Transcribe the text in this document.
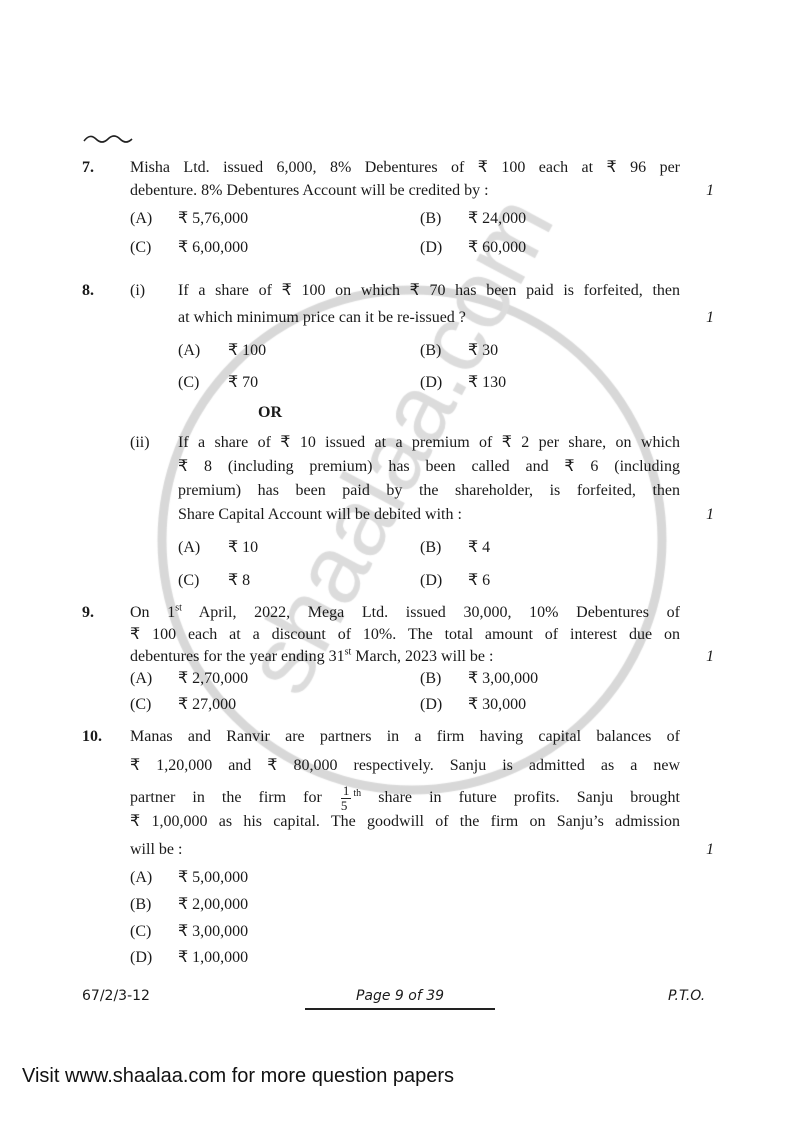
7. Misha Ltd. issued 6,000, 8% Debentures of ₹ 100 each at ₹ 96 per
debenture. 8% Debentures Account will be credited by :	1
(A) ₹ 5,76,000	(B) ₹ 24,000
(C) ₹ 6,00,000	(D) ₹ 60,000
8. (i) If a share of ₹ 100 on which ₹ 70 has been paid is forfeited, then
at which minimum price can it be re-issued ?	1
(A) ₹ 100	(B) ₹ 30
(C) ₹ 70	(D) ₹ 130
OR
(ii) If a share of ₹ 10 issued at a premium of ₹ 2 per share, on which
₹ 8 (including premium) has been called and ₹ 6 (including
premium) has been paid by the shareholder, is forfeited, then
Share Capital Account will be debited with :	1
(A) ₹ 10	(B) ₹ 4
(C) ₹ 8	(D) ₹ 6
9. On 1st April, 2022, Mega Ltd. issued 30,000, 10% Debentures of
₹ 100 each at a discount of 10%. The total amount of interest due on
debentures for the year ending 31st March, 2023 will be :	1
(A) ₹ 2,70,000	(B) ₹ 3,00,000
(C) ₹ 27,000	(D) ₹ 30,000
10. Manas and Ranvir are partners in a firm having capital balances of
₹ 1,20,000 and ₹ 80,000 respectively. Sanju is admitted as a new
partner in the firm for $\frac{1}{5} ^{th}$ share in future profits. Sanju brought
₹ 1,00,000 as his capital. The goodwill of the firm on Sanju’s admission
will be :	1
(A) ₹ 5,00,000
(B) ₹ 2,00,000
(C) ₹ 3,00,000
(D) ₹ 1,00,000
67/2/3-12	Page 9 of 39	P.T.O.
Visit www.shaalaa.com for more question papers
